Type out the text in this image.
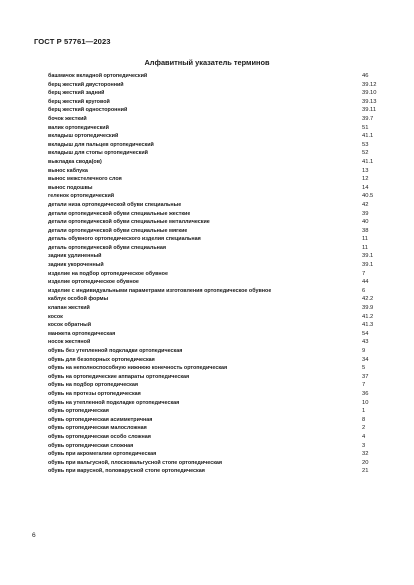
ГОСТ Р 57761—2023
Алфавитный указатель терминов
башмачок вкладной ортопедический	46
берц жесткий двусторонний	39.12
берц жесткий задний	39.10
берц жесткий круговой	39.13
берц жесткий односторонний	39.11
бочок жесткий	39.7
валик ортопедический	51
вкладыш ортопедический	41.1
вкладыш для пальцев ортопедический	53
вкладыш для стопы ортопедический	52
выкладка свода(ов)	41.1
вынос каблука	13
вынос межстелечного слоя	12
вынос подошвы	14
геленок ортопедический	40.5
детали низа ортопедической обуви специальные	42
детали ортопедической обуви специальные жесткие	39
детали ортопедической обуви специальные металлические	40
детали ортопедической обуви специальные мягкие	38
деталь обувного ортопедического изделия специальная	11
деталь ортопедической обуви специальная	11
задник удлиненный	39.1
задник укороченный	39.1
изделие на подбор ортопедическое обувное	7
изделие ортопедическое обувное	44
изделие с индивидуальными параметрами изготовления ортопедическое обувное	6
каблук особой формы	42.2
клапан жесткий	39.9
косок	41.2
косок обратный	41.3
манжета ортопедическая	54
носок жестяной	43
обувь без утепленной подкладки ортопедическая	9
обувь для безопорных ортопедическая	34
обувь на неполноспособную нижнюю конечность ортопедическая	5
обувь на ортопедические аппараты ортопедическая	37
обувь на подбор ортопедическая	7
обувь на протезы ортопедическая	36
обувь на утепленной подкладке ортопедическая	10
обувь ортопедическая	1
обувь ортопедическая асимметричная	8
обувь ортопедическая малосложная	2
обувь ортопедическая особо сложная	4
обувь ортопедическая сложная	3
обувь при акромегалии ортопедическая	32
обувь при вальгусной, плосковальгусной стопе ортопедическая	20
обувь при варусной, половарусной стопе ортопедическая	21
6
